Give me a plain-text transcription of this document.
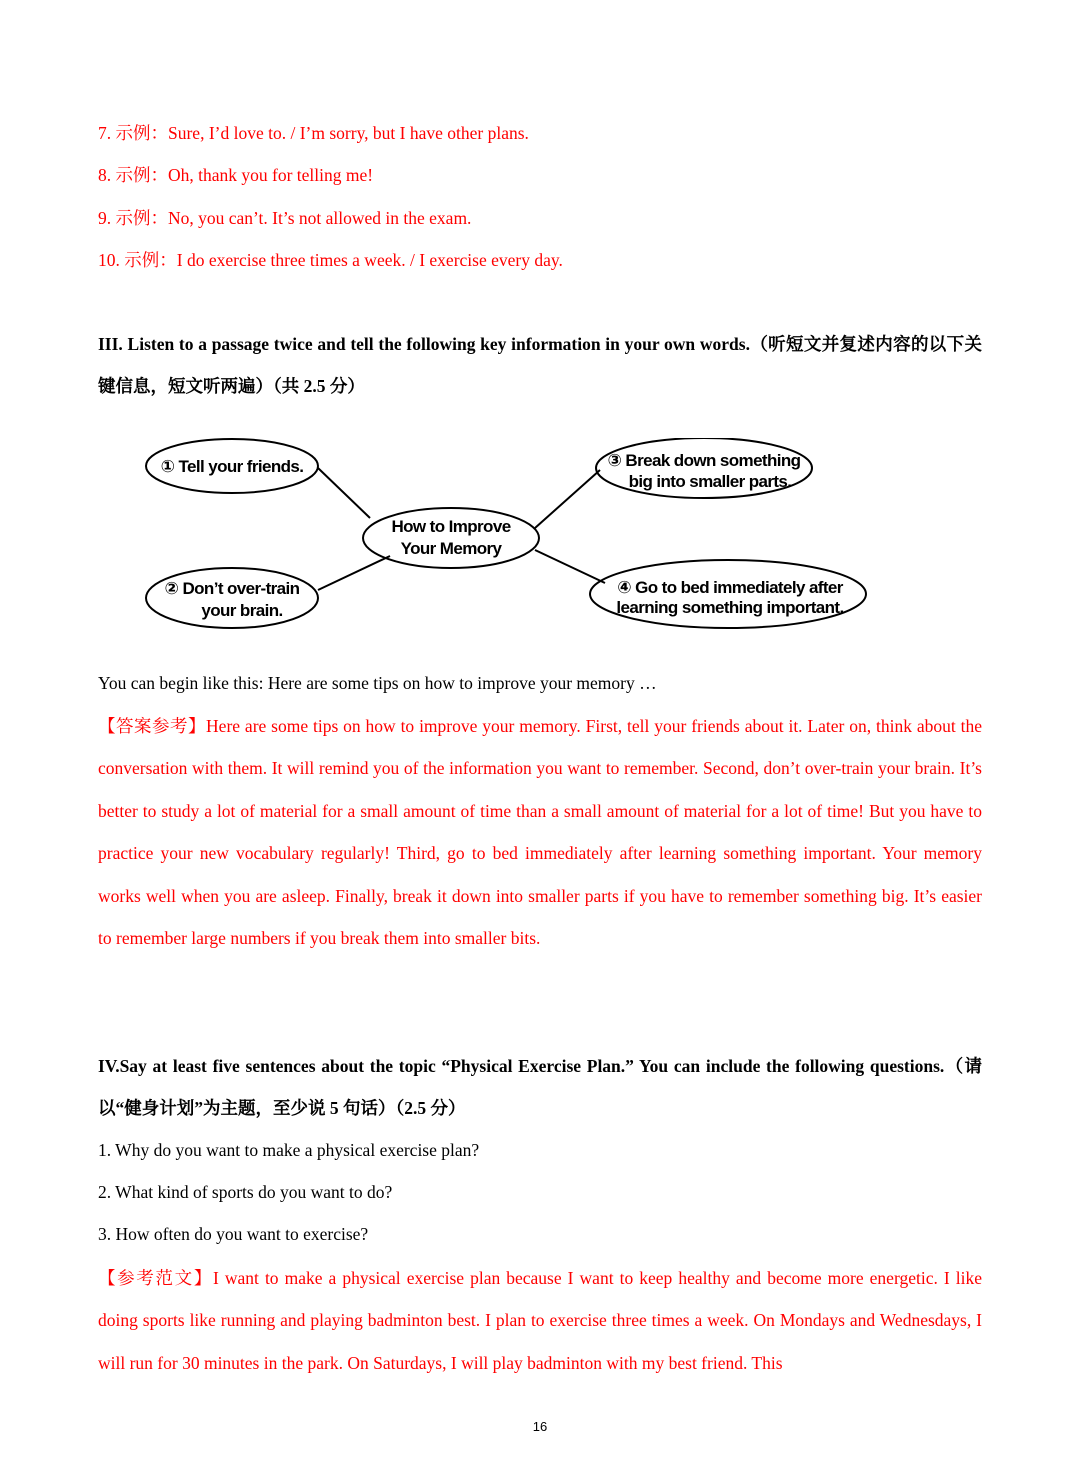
7. 示例：Sure, I’d love to. / I’m sorry, but I have other plans.
8. 示例：Oh, thank you for telling me!
9. 示例：No, you can’t. It’s not allowed in the exam.
10. 示例：I do exercise three times a week. / I exercise every day.
III. Listen to a passage twice and tell the following key information in your own words.（听短文并复述内容的以下关键信息，短文听两遍）（共 2.5 分）
How to Improve
Your Memory
① Tell your friends.
② Don’t over-train
your brain.
③ Break down something
big into smaller parts.
④ Go to bed immediately after
learning something important.
You can begin like this: Here are some tips on how to improve your memory …
【答案参考】Here are some tips on how to improve your memory. First, tell your friends about it. Later on, think about the conversation with them. It will remind you of the information you want to remember. Second, don’t over-train your brain. It’s better to study a lot of material for a small amount of time than a small amount of material for a lot of time! But you have to practice your new vocabulary regularly! Third, go to bed immediately after learning something important. Your memory works well when you are asleep. Finally, break it down into smaller parts if you have to remember something big. It’s easier to remember large numbers if you break them into smaller bits.
IV.Say at least five sentences about the topic “Physical Exercise Plan.” You can include the following questions.（请以“健身计划”为主题，至少说 5 句话）（2.5 分）
1. Why do you want to make a physical exercise plan?
2. What kind of sports do you want to do?
3. How often do you want to exercise?
【参考范文】I want to make a physical exercise plan because I want to keep healthy and become more energetic. I like doing sports like running and playing badminton best. I plan to exercise three times a week. On Mondays and Wednesdays, I will run for 30 minutes in the park. On Saturdays, I will play badminton with my best friend. This
16
